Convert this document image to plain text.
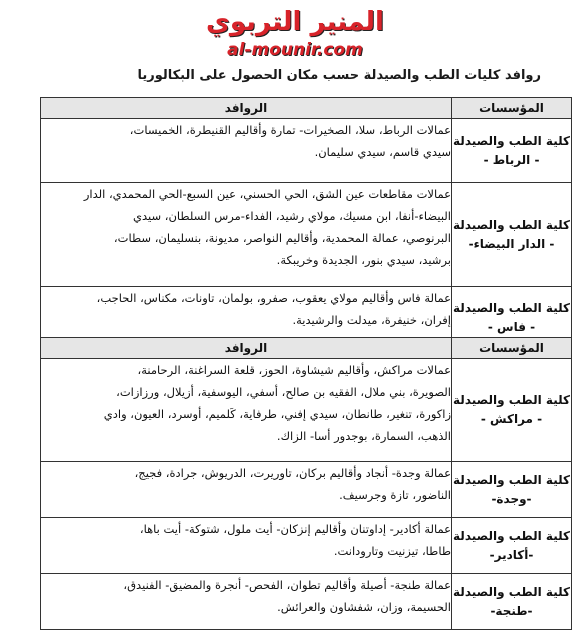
المنير التربوي
al-mounir.com
روافد كليات الطب والصيدلة حسب مكان الحصول على البكالوريا
المؤسسات	الروافد
كلية الطب والصيدلة
- الرباط -	عمالات الرباط، سلا، الصخيرات- تمارة وأقاليم القنيطرة، الخميسات،
سيدي قاسم، سيدي سليمان.

كلية الطب والصيدلة
- الدار البيضاء-	عمالات مقاطعات عين الشق، الحي الحسني، عين السبع-الحي المحمدي، الدار
البيضاء-أنفا، ابن مسيك، مولاي رشيد، الفداء-مرس السلطان، سيدي
البرنوصي، عمالة المحمدية، وأقاليم النواصر، مديونة، بنسليمان، سطات،
برشيد، سيدي بنور، الجديدة وخريبكة.

كلية الطب والصيدلة
- فاس -	عمالة فاس وأقاليم مولاي يعقوب، صفرو، بولمان، تاونات، مكناس، الحاجب،
إفران، خنيفرة، ميدلت والرشيدية.
المؤسسات	الروافد
كلية الطب والصيدلة
- مراكش -	عمالات مراكش، وأقاليم شيشاوة، الحوز، قلعة السراغنة، الرحامنة،
الصويرة، بني ملال، الفقيه بن صالح، أسفي، اليوسفية، أزيلال، ورزازات،
زاكورة، تنغير، طانطان، سيدي إفني، طرفاية، كَلميم، أوسرد، العيون، وادي
الذهب، السمارة، بوجدور أسا- الزاك.

كلية الطب والصيدلة
-وجدة-	عمالة وجدة- أنجاد وأقاليم بركان، تاوريرت، الدريوش، جرادة، فجيج،
الناضور، تازة وجرسيف.

كلية الطب والصيدلة
-أكادير-	عمالة أكادير- إداوتنان وأقاليم إنزكان- أيت ملول، شتوكة- أيت باها،
طاطا، تيزنيت وتارودانت.

كلية الطب والصيدلة
-طنجة-	عمالة طنجة- أصيلة وأقاليم تطوان، الفحص- أنجرة والمضيق- الفنيدق،
الحسيمة، وزان، شفشاون والعرائش.
